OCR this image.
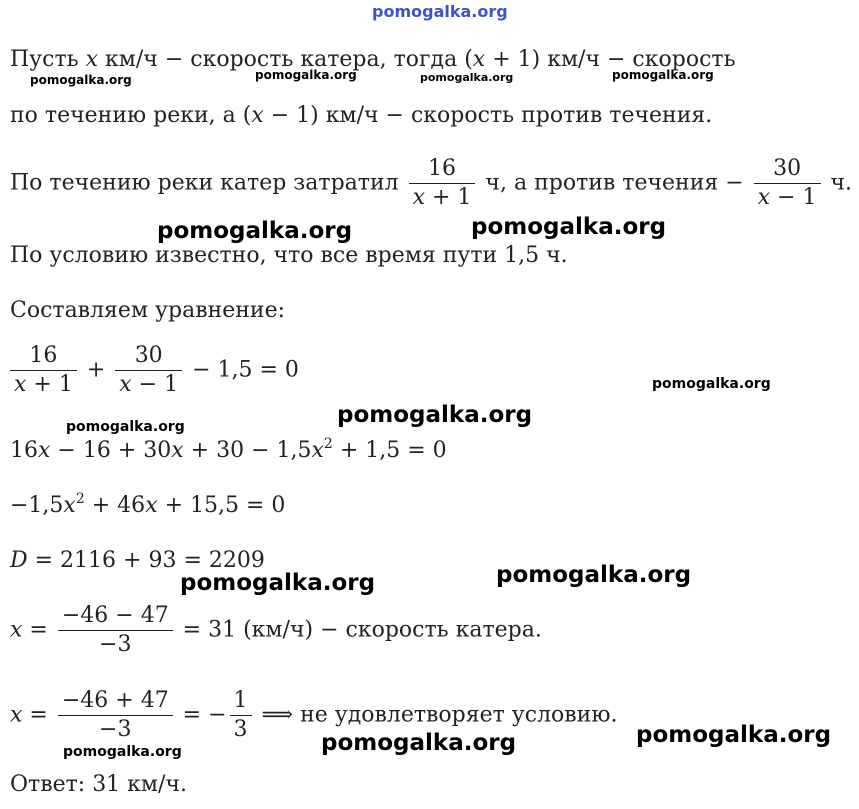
pomogalka.org
Пусть x км/ч − скорость катера, тогда (x + 1) км/ч − скорость
по течению реки, а (x − 1) км/ч − скорость против течения.
По течению реки катер затратил $\frac{16}{x + 1} ч$, а против течения − $\frac{30}{x - 1} ч$.
По условию известно, что все время пути 1,5 ч.
Составляем уравнение:
$\frac{16}{x + 1} + \frac{30}{x - 1} - 1,5 = 0$
$16x - 16 + 30x + 30 - 1,5x^2 + 1,5 = 0$
$-1,5x^2 + 46x + 15,5 = 0$
D = 2116 + 93 = 2209
$x = \frac{-46 - 47}{-3} = 31$ (км/ч) − скорость катера.
$x = \frac{-46 + 47}{-3}$ = − $\frac{1}{3}$ ⟹ не удовлетворяет условию.
Ответ: 31 км/ч.
pomogalka.org	pomogalka.org	pomogalka.org	pomogalka.org
pomogalka.org	pomogalka.org
pomogalka.org
pomogalka.org
pomogalka.org
pomogalka.org	pomogalka.org
pomogalka.org	pomogalka.org
pomogalka.org
